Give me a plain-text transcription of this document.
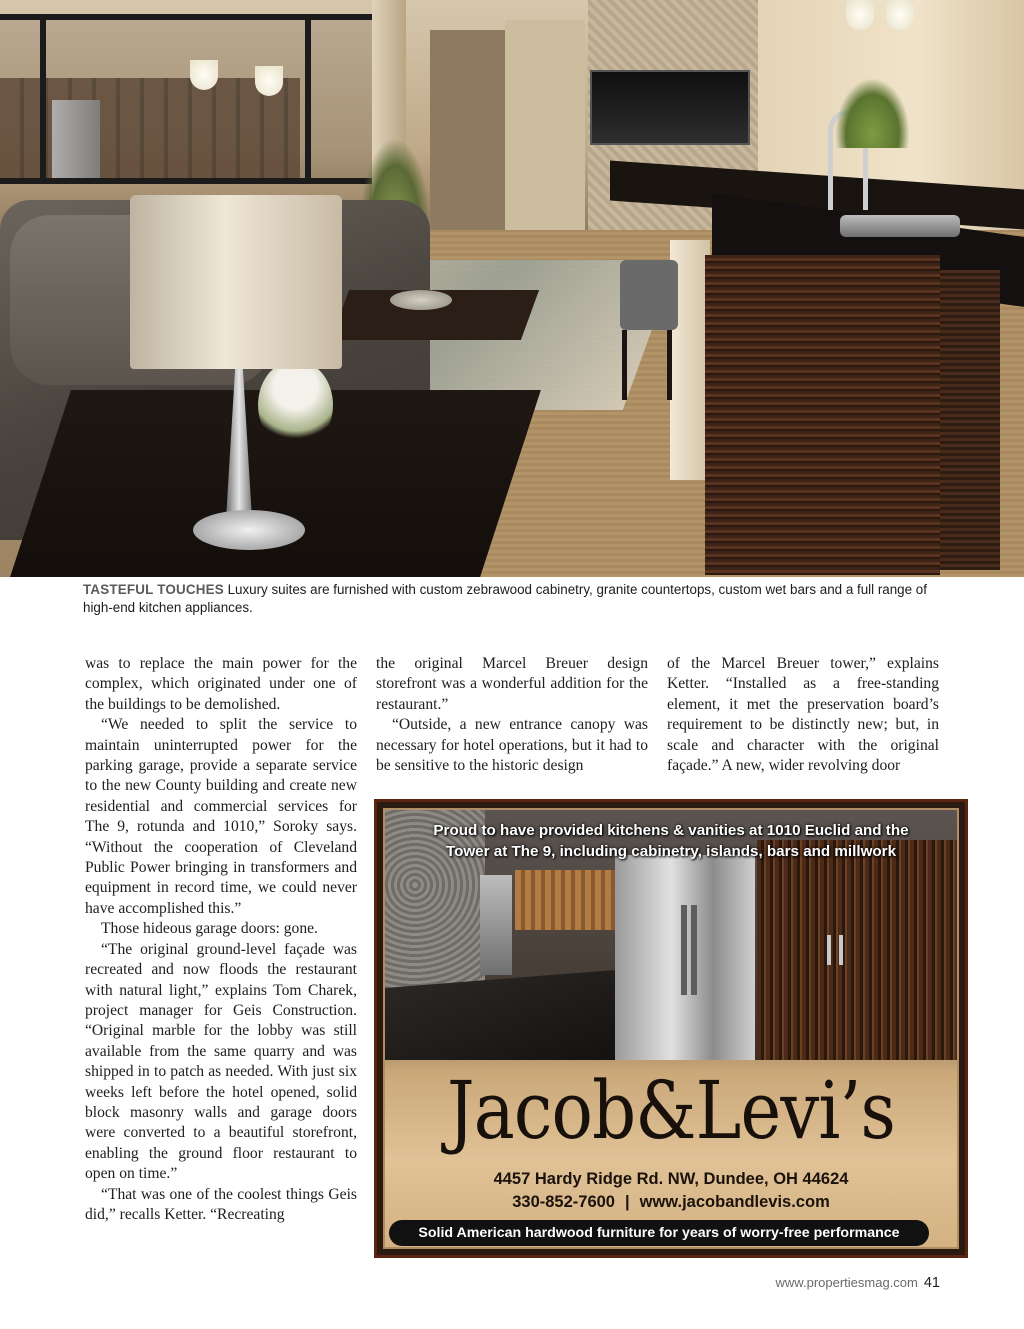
TASTEFUL TOUCHES Luxury suites are furnished with custom zebrawood cabinetry, granite countertops, custom wet bars and a full range of high-end kitchen appliances.

was to replace the main power for the complex, which originated under one of the buildings to be demolished.

“We needed to split the service to maintain uninterrupted power for the parking garage, provide a separate service to the new County building and create new residential and commercial services for The 9, rotunda and 1010,” Soroky says. “Without the cooperation of Cleveland Public Power bringing in transformers and equipment in record time, we could never have accomplished this.”

Those hideous garage doors: gone.

“The original ground-level façade was recreated and now floods the restaurant with natural light,” explains Tom Charek, project manager for Geis Construction. “Original marble for the lobby was still available from the same quarry and was shipped in to patch as needed. With just six weeks left before the hotel opened, solid block masonry walls and garage doors were converted to a beautiful storefront, enabling the ground floor restaurant to open on time.”

“That was one of the coolest things Geis did,” recalls Ketter. “Recreating

the original Marcel Breuer design storefront was a wonderful addition for the restaurant.”

“Outside, a new entrance canopy was necessary for hotel operations, but it had to be sensitive to the historic design

of the Marcel Breuer tower,” explains Ketter. “Installed as a free-standing element, it met the preservation board’s requirement to be distinctly new; but, in scale and character with the original façade.” A new, wider revolving door

Proud to have provided kitchens & vanities at 1010 Euclid and the
Tower at The 9, including cabinetry, islands, bars and millwork
Jacob&Levi’s
4457 Hardy Ridge Rd. NW, Dundee, OH 44624
330-852-7600 | www.jacobandlevis.com
Solid American hardwood furniture for years of worry-free performance
www.propertiesmag.com 41
